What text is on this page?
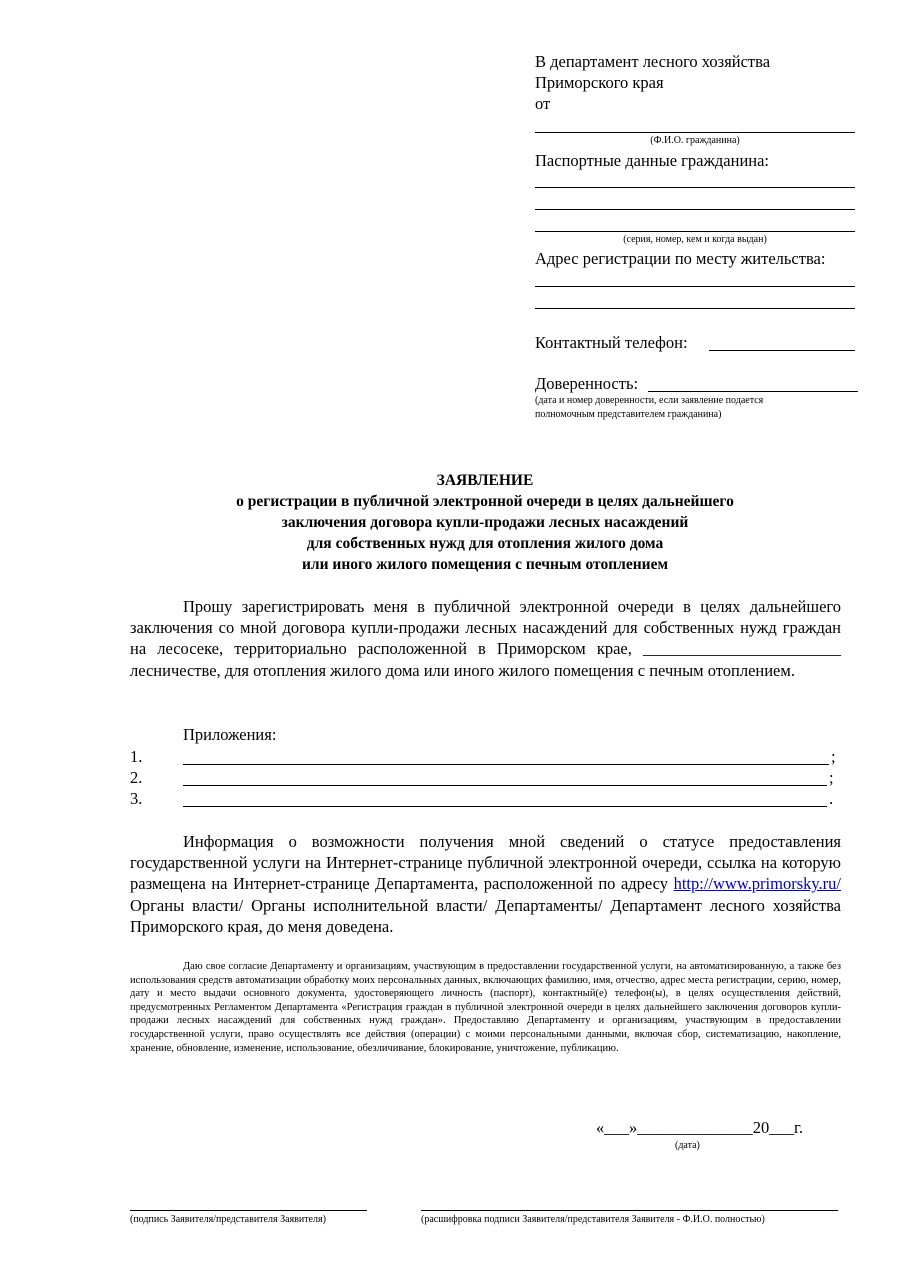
В департамент лесного хозяйства
Приморского края
от
(Ф.И.О. гражданина)
Паспортные данные гражданина:
(серия, номер, кем и когда выдан)
Адрес регистрации по месту жительства:
Контактный телефон:
Доверенность:
(дата и номер доверенности, если заявление подается
полномочным представителем гражданина)
ЗАЯВЛЕНИЕ
о регистрации в публичной электронной очереди в целях дальнейшего
заключения договора купли-продажи лесных насаждений
для собственных нужд для отопления жилого дома
или иного жилого помещения с печным отоплением
Прошу зарегистрировать меня в публичной электронной очереди в целях дальнейшего заключения со мной договора купли-продажи лесных насаждений для собственных нужд граждан на лесосеке, территориально расположенной в Приморском крае, ________________________ лесничестве, для отопления жилого дома или иного жилого помещения с печным отоплением.
Приложения:
1.	;
2.	;
3.	.
Информация о возможности получения мной сведений о статусе предоставления государственной услуги на Интернет-странице публичной электронной очереди, ссылка на которую размещена на Интернет-странице Департамента, расположенной по адресу http://www.primorsky.ru/ Органы власти/ Органы исполнительной власти/ Департаменты/ Департамент лесного хозяйства Приморского края, до меня доведена.
Даю свое согласие Департаменту и организациям, участвующим в предоставлении государственной услуги, на автоматизированную, а также без использования средств автоматизации обработку моих персональных данных, включающих фамилию, имя, отчество, адрес места регистрации, серию, номер, дату и место выдачи основного документа, удостоверяющего личность (паспорт), контактный(е) телефон(ы), в целях осуществления действий, предусмотренных Регламентом Департамента «Регистрация граждан в публичной электронной очереди в целях дальнейшего заключения договоров купли-продажи лесных насаждений для собственных нужд граждан». Предоставляю Департаменту и организациям, участвующим в предоставлении государственной услуги, право осуществлять все действия (операции) с моими персональными данными, включая сбор, систематизацию, накопление, хранение, обновление, изменение, использование, обезличивание, блокирование, уничтожение, публикацию.
«___»______________20___г.
(дата)
(подпись Заявителя/представителя Заявителя)	(расшифровка подписи Заявителя/представителя Заявителя - Ф.И.О. полностью)
